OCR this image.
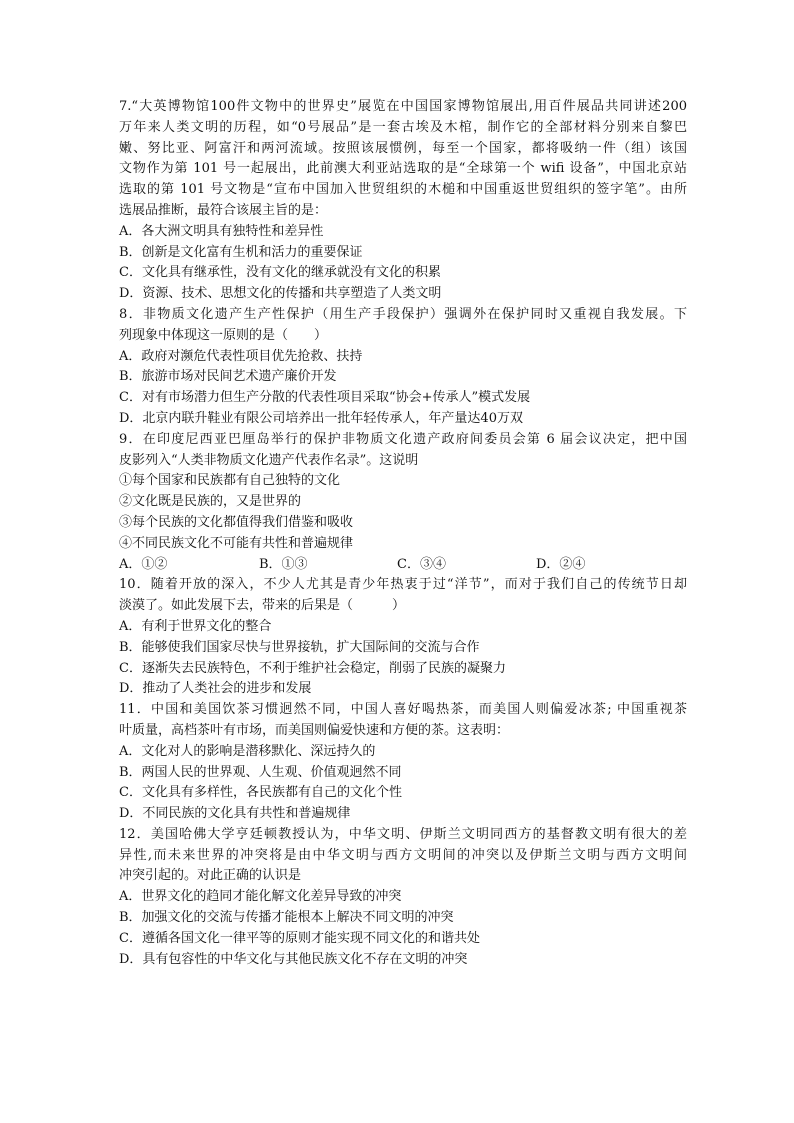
7.“大英博物馆100件文物中的世界史”展览在中国国家博物馆展出,用百件展品共同讲述200
万年来人类文明的历程，如“0号展品”是一套古埃及木棺，制作它的全部材料分别来自黎巴
嫩、努比亚、阿富汗和两河流域。按照该展惯例，每至一个国家，都将吸纳一件（组）该国
文物作为第 101 号一起展出，此前澳大利亚站选取的是“全球第一个 wifi 设备”，中国北京站
选取的第 101 号文物是“宣布中国加入世贸组织的木槌和中国重返世贸组织的签字笔”。由所
选展品推断，最符合该展主旨的是：
A．各大洲文明具有独特性和差异性
B．创新是文化富有生机和活力的重要保证
C．文化具有继承性，没有文化的继承就没有文化的积累
D．资源、技术、思想文化的传播和共享塑造了人类文明
8．非物质文化遗产生产性保护（用生产手段保护）强调外在保护同时又重视自我发展。下
列现象中体现这一原则的是（　　）
A．政府对濒危代表性项目优先抢救、扶持
B．旅游市场对民间艺术遗产廉价开发
C．对有市场潜力但生产分散的代表性项目采取“协会+传承人”模式发展
D．北京内联升鞋业有限公司培养出一批年轻传承人，年产量达40万双
9．在印度尼西亚巴厘岛举行的保护非物质文化遗产政府间委员会第 6 届会议决定，把中国
皮影列入“人类非物质文化遗产代表作名录”。这说明
①每个国家和民族都有自己独特的文化
②文化既是民族的，又是世界的
③每个民族的文化都值得我们借鉴和吸收
④不同民族文化不可能有共性和普遍规律
A．①②	B．①③	C．③④	D．②④
10．随着开放的深入，不少人尤其是青少年热衷于过“洋节”，而对于我们自己的传统节日却
淡漠了。如此发展下去，带来的后果是（　　　）
A．有利于世界文化的整合
B．能够使我们国家尽快与世界接轨，扩大国际间的交流与合作
C．逐渐失去民族特色，不利于维护社会稳定，削弱了民族的凝聚力
D．推动了人类社会的进步和发展
11．中国和美国饮茶习惯迥然不同，中国人喜好喝热茶，而美国人则偏爱冰茶; 中国重视茶
叶质量，高档茶叶有市场，而美国则偏爱快速和方便的茶。这表明：
A．文化对人的影响是潜移默化、深远持久的
B．两国人民的世界观、人生观、价值观迥然不同
C．文化具有多样性，各民族都有自己的文化个性
D．不同民族的文化具有共性和普遍规律
12．美国哈佛大学亨廷顿教授认为，中华文明、伊斯兰文明同西方的基督教文明有很大的差
异性,而未来世界的冲突将是由中华文明与西方文明间的冲突以及伊斯兰文明与西方文明间
冲突引起的。对此正确的认识是
A．世界文化的趋同才能化解文化差异导致的冲突
B．加强文化的交流与传播才能根本上解决不同文明的冲突
C．遵循各国文化一律平等的原则才能实现不同文化的和谐共处
D．具有包容性的中华文化与其他民族文化不存在文明的冲突
